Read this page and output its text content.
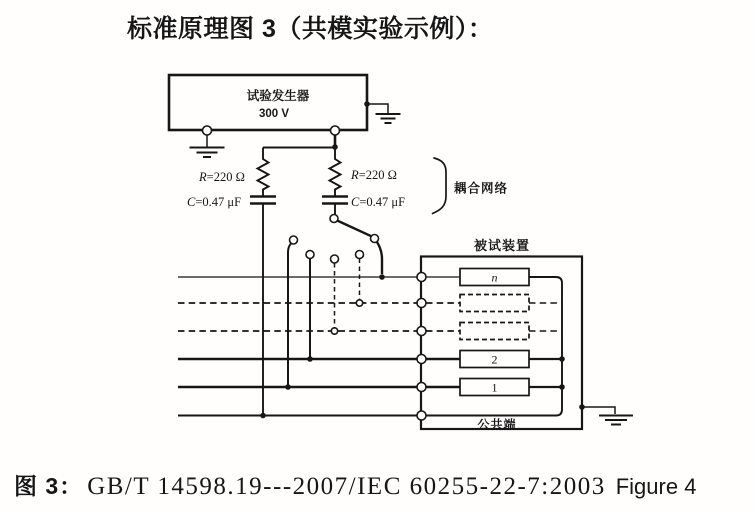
标准原理图 3（共模实验示例）：
试验发生器
300 V
R=220 Ω
C=0.47 μF
R=220 Ω
C=0.47 μF
耦合网络
被试装置
n
2
1
公共端
图 3： GB/T 14598.19---2007/IEC 60255-22-7:2003 Figure 4
